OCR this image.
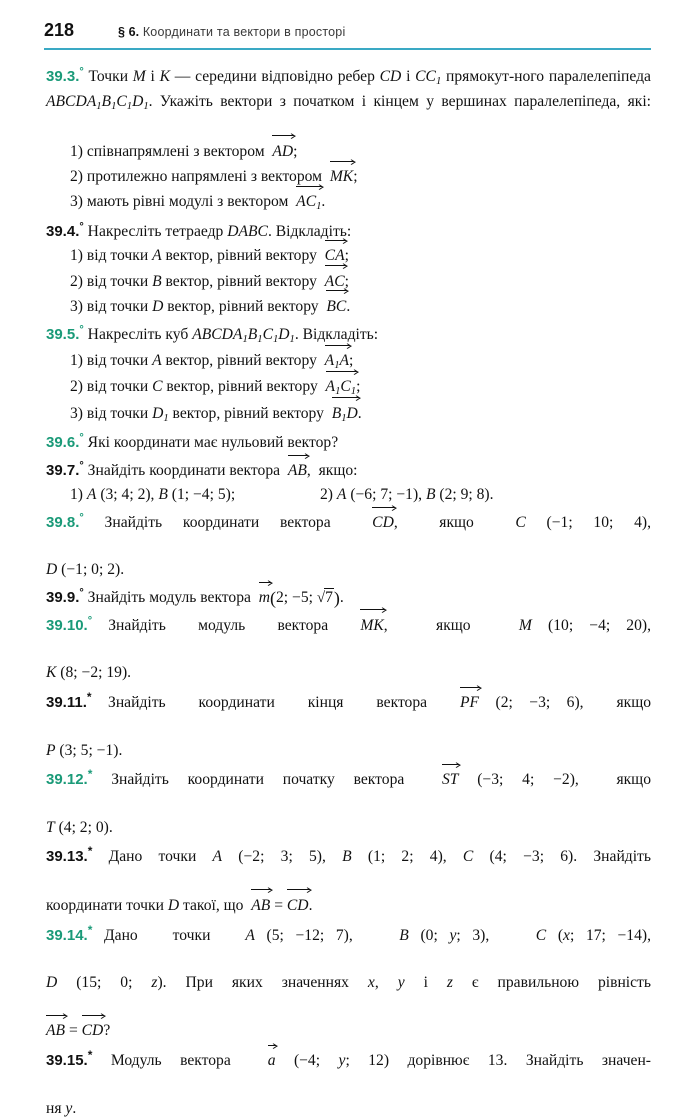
218	§ 6. Координати та вектори в просторі
39.3.° Точки M і K — середини відповідно ребер CD і $CC_1$ прямокут-ного паралелепіпеда $ABCDA_1B_1C_1D_1$. Укажіть вектори з початком і кінцем у вершинах паралелепіпеда, які:
1) співнапрямлені з вектором  AD;
2) протилежно напрямлені з вектором  MK;
3) мають рівні модулі з вектором  $AC_1$.
39.4.° Накресліть тетраедр DABC. Відкладіть:
1) від точки A вектор, рівний вектору  CA;
2) від точки B вектор, рівний вектору  AC;
3) від точки D вектор, рівний вектору  BC.
39.5.° Накресліть куб $ABCDA_1B_1C_1D_1$. Відкладіть:
1) від точки A вектор, рівний вектору  $A_1A$;
2) від точки C вектор, рівний вектору  $A_1C_1$;
3) від точки $D_1$ вектор, рівний вектору  $B_1D$.
39.6.° Які координати має нульовий вектор?
39.7.° Знайдіть координати вектора  AB,  якщо:
1) A (3; 4; 2), B (1; −4; 5);	2) A (−6; 7; −1), B (2; 9; 8).
39.8.° Знайдіть координати вектора  CD,  якщо  C (−1; 10; 4),
D (−1; 0; 2).
39.9.° Знайдіть модуль вектора  m(2; −5; √7).
39.10.° Знайдіть  модуль  вектора  MK,   якщо   M (10; −4; 20),
K (8; −2; 19).
39.11.* Знайдіть  координати  кінця  вектора  PF (2; −3; 6),  якщо
P (3; 5; −1).
39.12.* Знайдіть координати початку вектора  ST (−3; 4; −2),  якщо
T (4; 2; 0).
39.13.* Дано точки A (−2; 3; 5), B (1; 2; 4), C (4; −3; 6). Знайдіть
координати точки D такої, що  AB = CD.
39.14.* Дано   точки   A (5; −12; 7),    B (0; y; 3),    C (x; 17; −14),
D (15; 0; z). При яких значеннях x, y і z є правильною рівність
AB = CD?
39.15.* Модуль вектора  a (−4; y; 12) дорівнює 13. Знайдіть значен-
ня y.
